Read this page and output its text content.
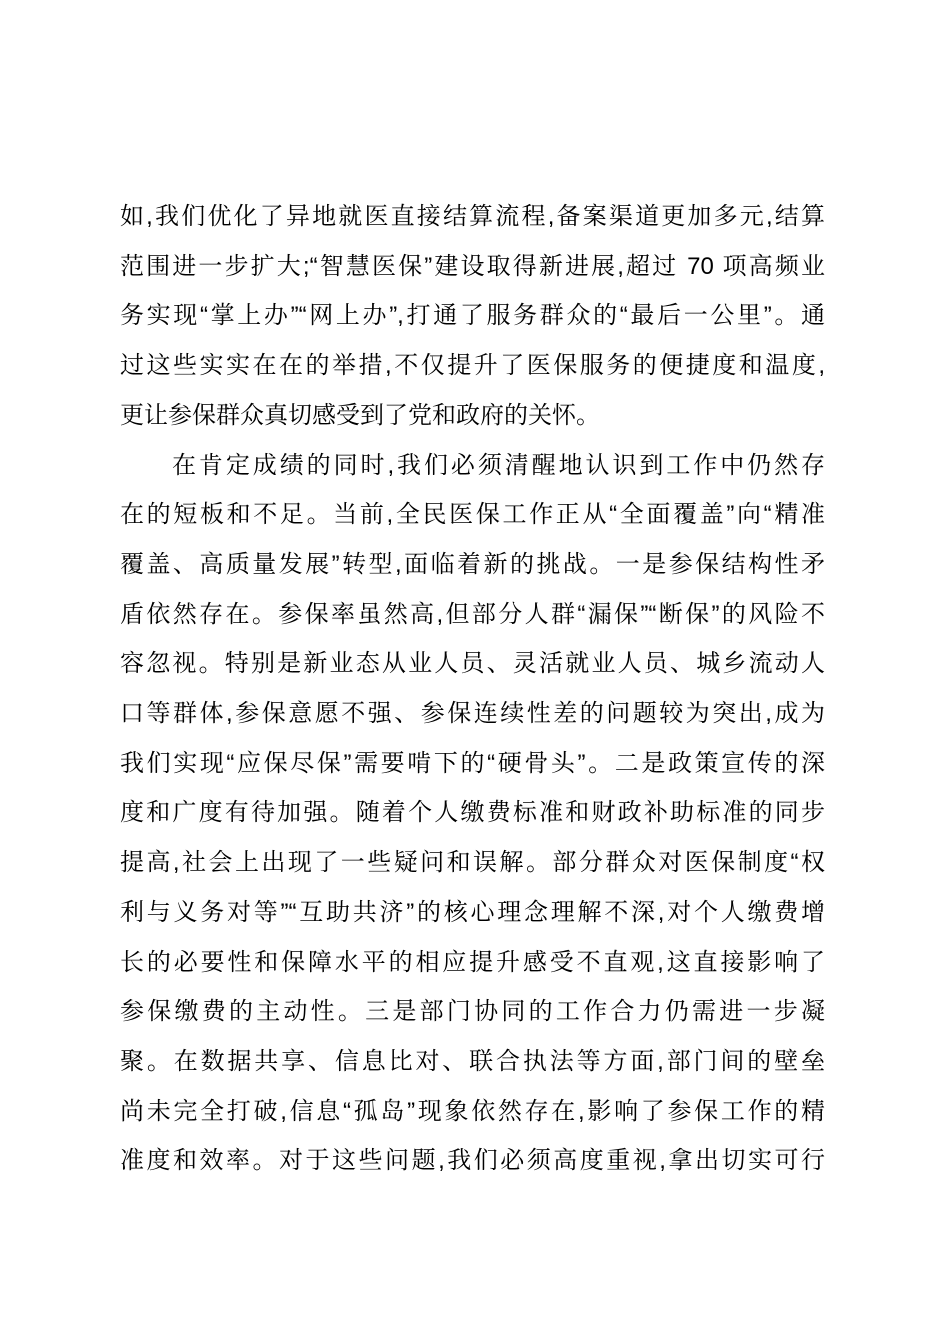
如,我们优化了异地就医直接结算流程,备案渠道更加多元,结算
范围进一步扩大;“智慧医保”建设取得新进展,超过 70 项高频业
务实现“掌上办”“网上办”,打通了服务群众的“最后一公里”。通
过这些实实在在的举措,不仅提升了医保服务的便捷度和温度,
更让参保群众真切感受到了党和政府的关怀。
在肯定成绩的同时,我们必须清醒地认识到工作中仍然存
在的短板和不足。当前,全民医保工作正从“全面覆盖”向“精准
覆盖、高质量发展”转型,面临着新的挑战。一是参保结构性矛
盾依然存在。参保率虽然高,但部分人群“漏保”“断保”的风险不
容忽视。特别是新业态从业人员、灵活就业人员、城乡流动人
口等群体,参保意愿不强、参保连续性差的问题较为突出,成为
我们实现“应保尽保”需要啃下的“硬骨头”。二是政策宣传的深
度和广度有待加强。随着个人缴费标准和财政补助标准的同步
提高,社会上出现了一些疑问和误解。部分群众对医保制度“权
利与义务对等”“互助共济”的核心理念理解不深,对个人缴费增
长的必要性和保障水平的相应提升感受不直观,这直接影响了
参保缴费的主动性。三是部门协同的工作合力仍需进一步凝
聚。在数据共享、信息比对、联合执法等方面,部门间的壁垒
尚未完全打破,信息“孤岛”现象依然存在,影响了参保工作的精
准度和效率。对于这些问题,我们必须高度重视,拿出切实可行
